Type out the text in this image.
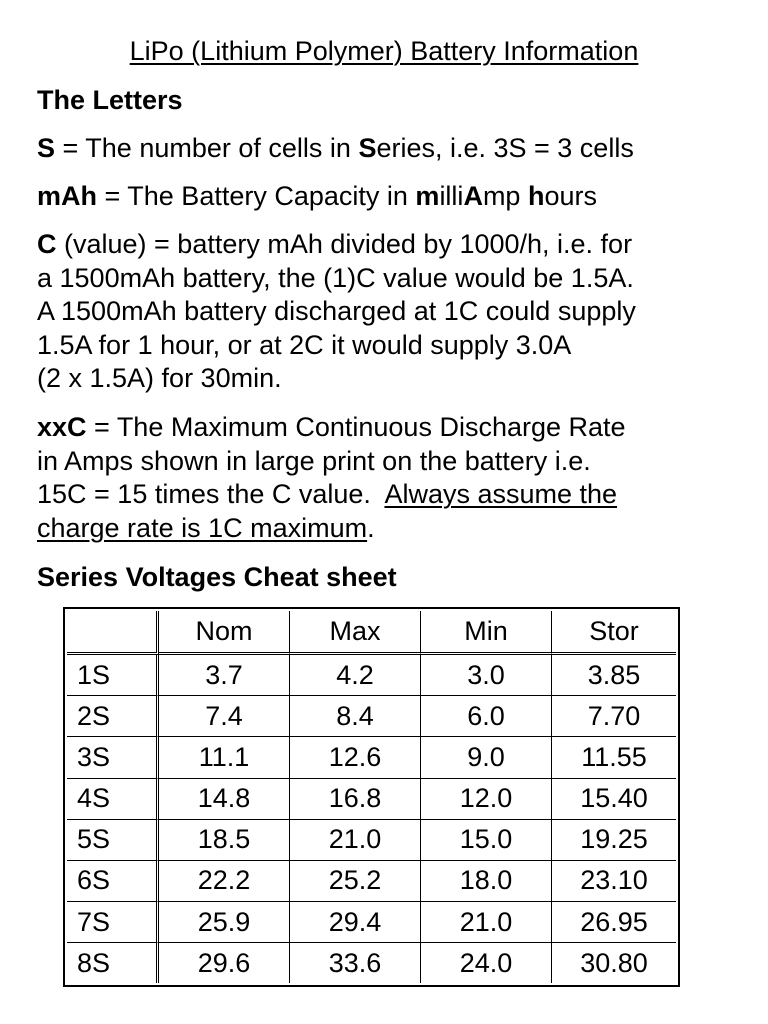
LiPo (Lithium Polymer) Battery Information
The Letters
S = The number of cells in Series, i.e. 3S = 3 cells
mAh = The Battery Capacity in milliAmp hours
C (value) = battery mAh divided by 1000/h, i.e. for
a 1500mAh battery, the (1)C value would be 1.5A.
A 1500mAh battery discharged at 1C could supply
1.5A for 1 hour, or at 2C it would supply 3.0A
(2 x 1.5A) for 30min.
xxC = The Maximum Continuous Discharge Rate
in Amps shown in large print on the battery i.e.
15C = 15 times the C value.  Always assume the
charge rate is 1C maximum.
Series Voltages Cheat sheet
	Nom	Max	Min	Stor
1S	3.7	4.2	3.0	3.85
2S	7.4	8.4	6.0	7.70
3S	11.1	12.6	9.0	11.55
4S	14.8	16.8	12.0	15.40
5S	18.5	21.0	15.0	19.25
6S	22.2	25.2	18.0	23.10
7S	25.9	29.4	21.0	26.95
8S	29.6	33.6	24.0	30.80
